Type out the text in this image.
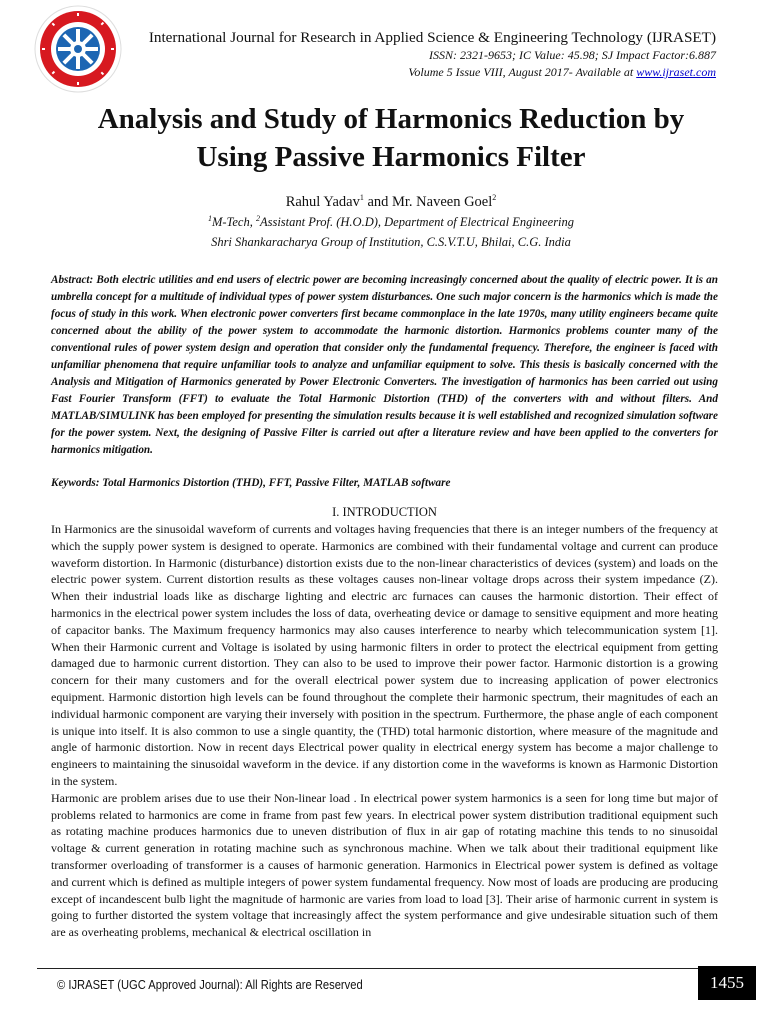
International Journal for Research in Applied Science & Engineering Technology (IJRASET)
ISSN: 2321-9653; IC Value: 45.98; SJ Impact Factor:6.887
Volume 5 Issue VIII, August 2017- Available at www.ijraset.com
Analysis and Study of Harmonics Reduction by
Using Passive Harmonics Filter
Rahul Yadav$^1$ and Mr. Naveen Goel$^2$
$^1$M-Tech, $^2$Assistant Prof. (H.O.D), Department of Electrical Engineering
Shri Shankaracharya Group of Institution, C.S.V.T.U, Bhilai, C.G. India

Abstract: Both electric utilities and end users of electric power are becoming increasingly concerned about the quality of electric power. It is an umbrella concept for a multitude of individual types of power system disturbances. One such major concern is the harmonics which is made the focus of study in this work. When electronic power converters first became commonplace in the late 1970s, many utility engineers became quite concerned about the ability of the power system to accommodate the harmonic distortion. Harmonics problems counter many of the conventional rules of power system design and operation that consider only the fundamental frequency. Therefore, the engineer is faced with unfamiliar phenomena that require unfamiliar tools to analyze and unfamiliar equipment to solve. This thesis is basically concerned with the Analysis and Mitigation of Harmonics generated by Power Electronic Converters. The investigation of harmonics has been carried out using Fast Fourier Transform (FFT) to evaluate the Total Harmonic Distortion (THD) of the converters with and without filters. And MATLAB/SIMULINK has been employed for presenting the simulation results because it is well established and recognized simulation software for the power system. Next, the designing of Passive Filter is carried out after a literature review and have been applied to the converters for harmonics mitigation.

Keywords: Total Harmonics Distortion (THD), FFT, Passive Filter, MATLAB software

I. INTRODUCTION

In Harmonics are the sinusoidal waveform of currents and voltages having frequencies that there is an integer numbers of the frequency at which the supply power system is designed to operate. Harmonics are combined with their fundamental voltage and current can produce waveform distortion. In Harmonic (disturbance) distortion exists due to the non-linear characteristics of devices (system) and loads on the electric power system. Current distortion results as these voltages causes non-linear voltage drops across their system impedance (Z). When their industrial loads like as discharge lighting and electric arc furnaces can causes the harmonic distortion. Their effect of harmonics in the electrical power system includes the loss of data, overheating device or damage to sensitive equipment and more heating of capacitor banks. The Maximum frequency harmonics may also causes interference to nearby which telecommunication system [1]. When their Harmonic current and Voltage is isolated by using harmonic filters in order to protect the electrical equipment from getting damaged due to harmonic current distortion. They can also to be used to improve their power factor. Harmonic distortion is a growing concern for their many customers and for the overall electrical power system due to increasing application of power electronics equipment. Harmonic distortion high levels can be found throughout the complete their harmonic spectrum, their magnitudes of each an individual harmonic component are varying their inversely with position in the spectrum. Furthermore, the phase angle of each component is unique into itself. It is also common to use a single quantity, the (THD) total harmonic distortion, where measure of the magnitude and angle of harmonic distortion. Now in recent days Electrical power quality in electrical energy system has become a major challenge to engineers to maintaining the sinusoidal waveform in the device. if any distortion come in the waveforms is known as Harmonic Distortion in the system.

Harmonic are problem arises due to use their Non-linear load . In electrical power system harmonics is a seen for long time but major of problems related to harmonics are come in frame from past few years. In electrical power system distribution traditional equipment such as rotating machine produces harmonics due to uneven distribution of flux in air gap of rotating machine this tends to no sinusoidal voltage & current generation in rotating machine such as synchronous machine. When we talk about their traditional equipment like transformer overloading of transformer is a causes of harmonic generation. Harmonics in Electrical power system is defined as voltage and current which is defined as multiple integers of power system fundamental frequency. Now most of loads are producing are producing except of incandescent bulb light the magnitude of harmonic are varies from load to load [3]. Their arise of harmonic current in system is going to further distorted the system voltage that increasingly affect the system performance and give undesirable situation such of them are as overheating problems, mechanical & electrical oscillation in

© IJRASET (UGC Approved Journal): All Rights are Reserved	1455
